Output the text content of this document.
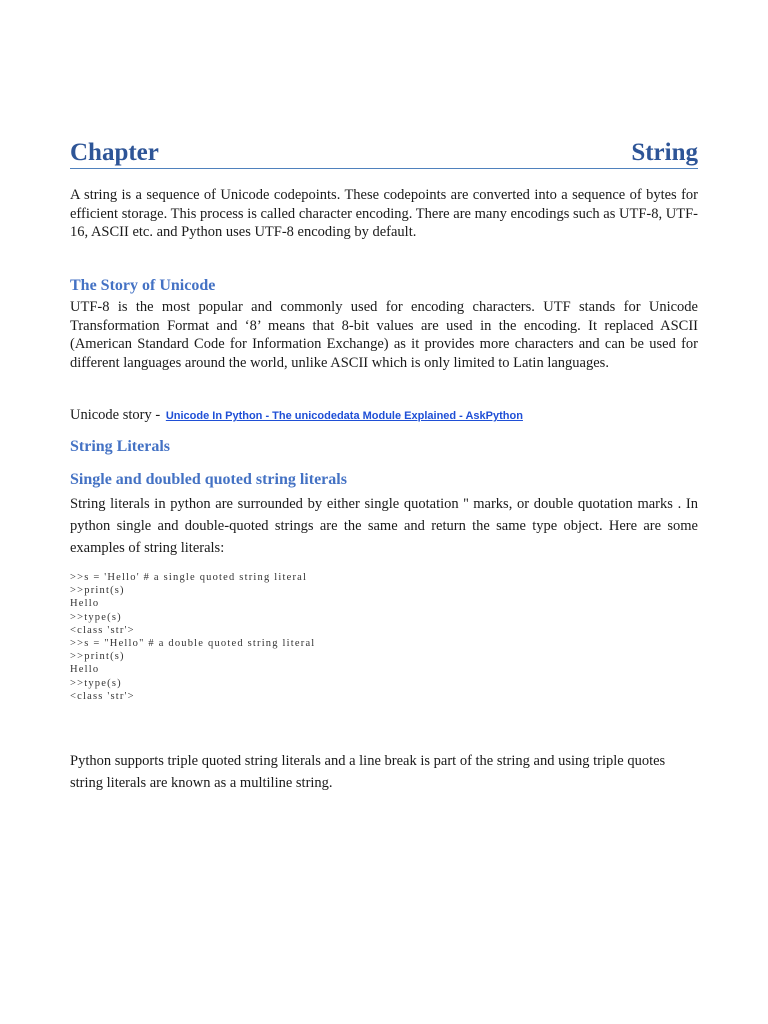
Chapter	String

A string is a sequence of Unicode codepoints. These codepoints are converted into a sequence of bytes for efficient storage. This process is called character encoding. There are many encodings such as UTF-8, UTF-16, ASCII etc. and Python uses UTF-8 encoding by default.

The Story of Unicode

UTF-8 is the most popular and commonly used for encoding characters. UTF stands for Unicode Transformation Format and ‘8’ means that 8-bit values are used in the encoding. It replaced ASCII (American Standard Code for Information Exchange) as it provides more characters and can be used for different languages around the world, unlike ASCII which is only limited to Latin languages.

Unicode story - Unicode In Python - The unicodedata Module Explained - AskPython
String Literals
Single and doubled quoted string literals

String literals in python are surrounded by either single quotation '' marks, or double quotation marks . In python single and double-quoted strings are the same and return the same type object. Here are some examples of string literals:

>>s = 'Hello' # a single quoted string literal
>>print(s)
Hello
>>type(s)
<class 'str'>
>>s = "Hello" # a double quoted string literal
>>print(s)
Hello
>>type(s)
<class 'str'>

Python supports triple quoted string literals and a line break is part of the string and using triple quotes string literals are known as a multiline string.
